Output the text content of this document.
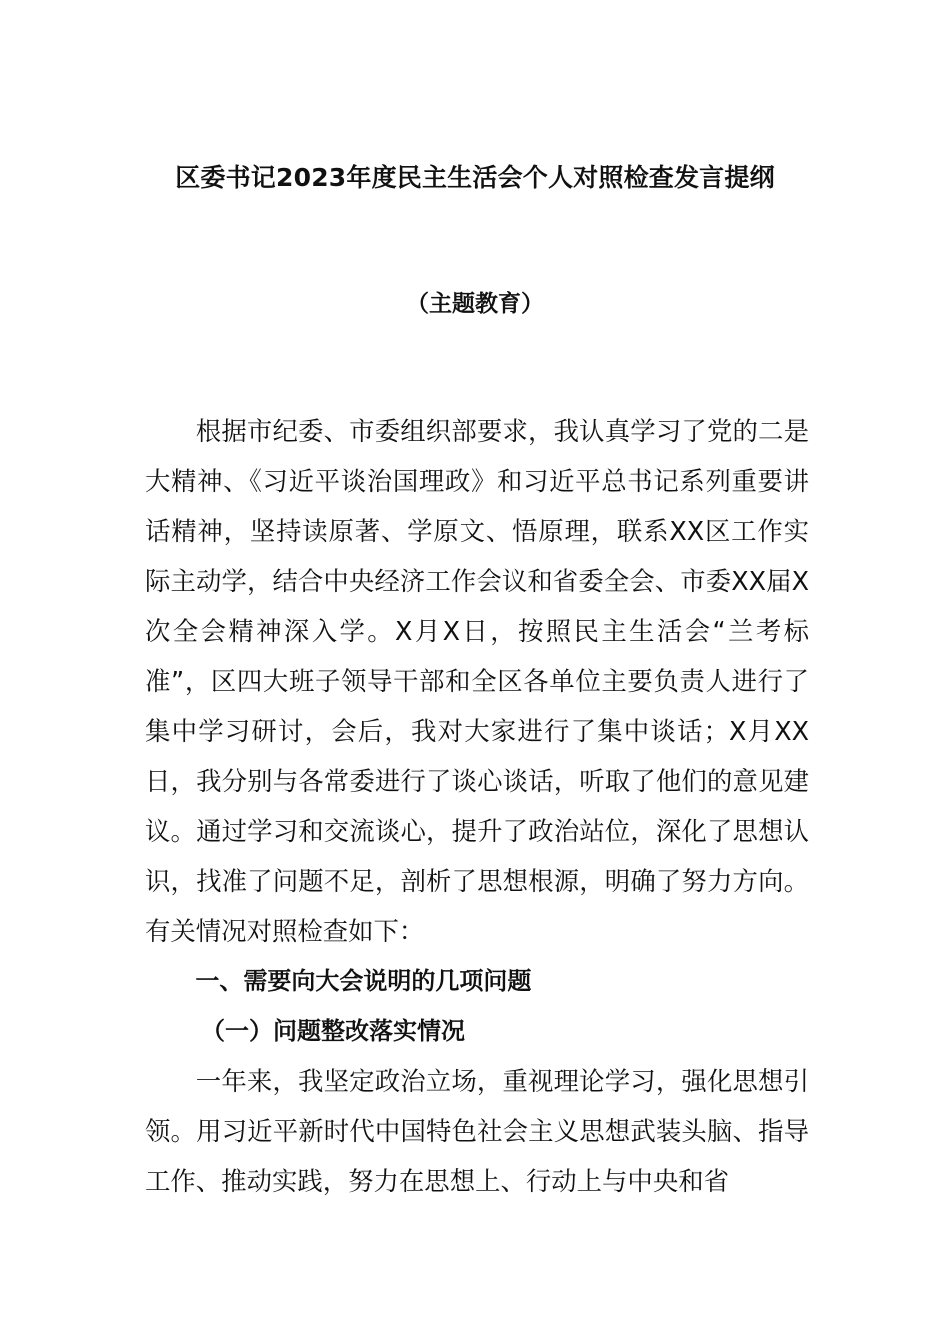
区委书记2023年度民主生活会个人对照检查发言提纲
（主题教育）

根据市纪委、市委组织部要求，我认真学习了党的二是大精神、《习近平谈治国理政》和习近平总书记系列重要讲话精神，坚持读原著、学原文、悟原理，联系XX区工作实际主动学，结合中央经济工作会议和省委全会、市委XX届X次全会精神深入学。X月X日，按照民主生活会“兰考标准”，区四大班子领导干部和全区各单位主要负责人进行了集中学习研讨，会后，我对大家进行了集中谈话；X月XX日，我分别与各常委进行了谈心谈话，听取了他们的意见建议。通过学习和交流谈心，提升了政治站位，深化了思想认识，找准了问题不足，剖析了思想根源，明确了努力方向。有关情况对照检查如下：

一、需要向大会说明的几项问题

（一）问题整改落实情况

一年来，我坚定政治立场，重视理论学习，强化思想引领。用习近平新时代中国特色社会主义思想武装头脑、指导工作、推动实践，努力在思想上、行动上与中央和省
